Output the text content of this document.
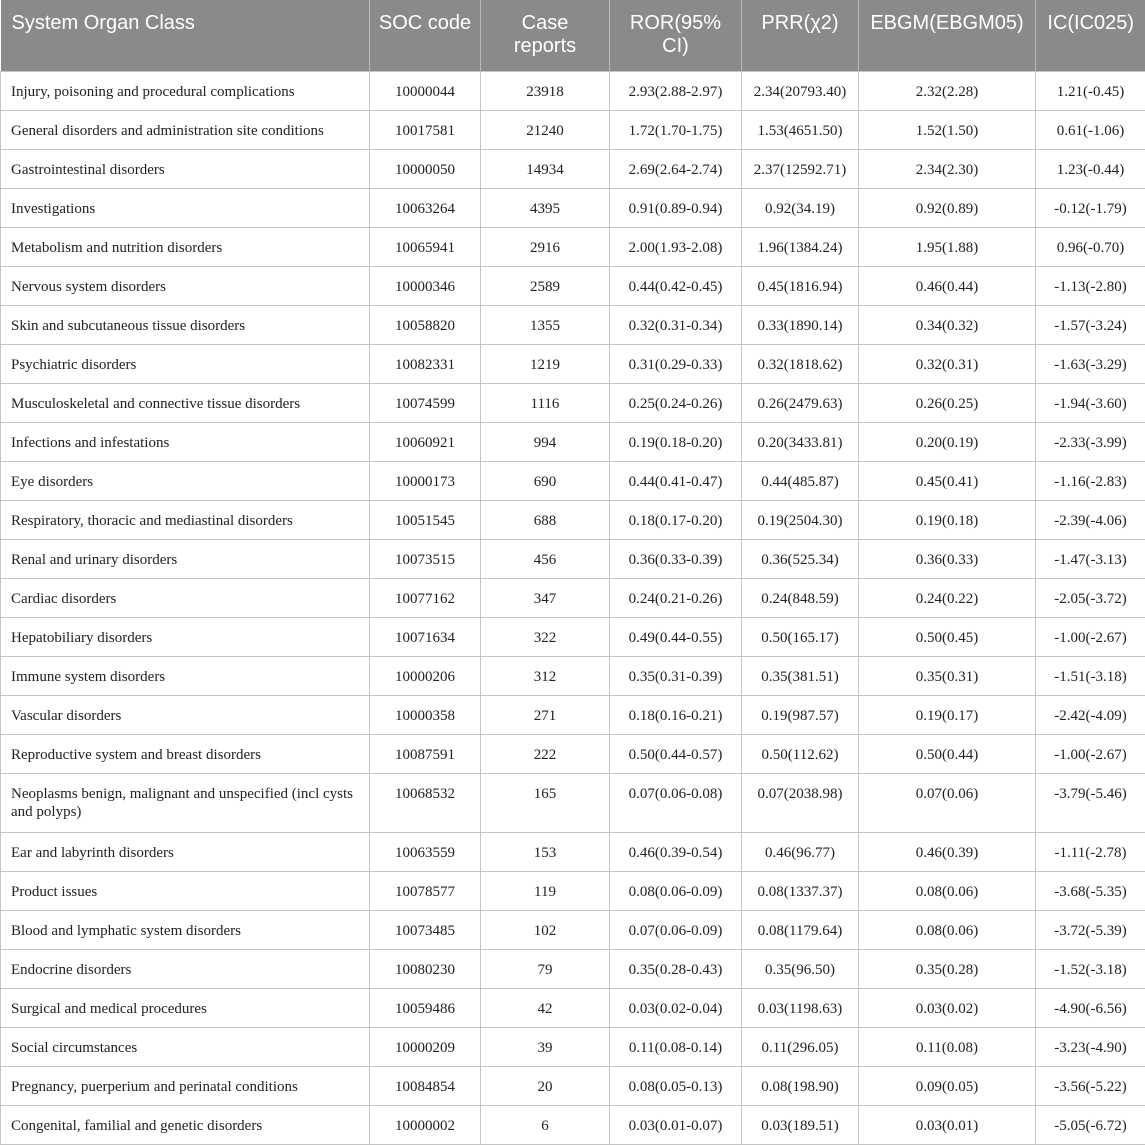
System Organ Class	SOC code	Case reports	ROR(95% CI)	PRR(χ2)	EBGM(EBGM05)	IC(IC025)
Injury, poisoning and procedural complications	10000044	23918	2.93(2.88-2.97)	2.34(20793.40)	2.32(2.28)	1.21(-0.45)
General disorders and administration site conditions	10017581	21240	1.72(1.70-1.75)	1.53(4651.50)	1.52(1.50)	0.61(-1.06)
Gastrointestinal disorders	10000050	14934	2.69(2.64-2.74)	2.37(12592.71)	2.34(2.30)	1.23(-0.44)
Investigations	10063264	4395	0.91(0.89-0.94)	0.92(34.19)	0.92(0.89)	-0.12(-1.79)
Metabolism and nutrition disorders	10065941	2916	2.00(1.93-2.08)	1.96(1384.24)	1.95(1.88)	0.96(-0.70)
Nervous system disorders	10000346	2589	0.44(0.42-0.45)	0.45(1816.94)	0.46(0.44)	-1.13(-2.80)
Skin and subcutaneous tissue disorders	10058820	1355	0.32(0.31-0.34)	0.33(1890.14)	0.34(0.32)	-1.57(-3.24)
Psychiatric disorders	10082331	1219	0.31(0.29-0.33)	0.32(1818.62)	0.32(0.31)	-1.63(-3.29)
Musculoskeletal and connective tissue disorders	10074599	1116	0.25(0.24-0.26)	0.26(2479.63)	0.26(0.25)	-1.94(-3.60)
Infections and infestations	10060921	994	0.19(0.18-0.20)	0.20(3433.81)	0.20(0.19)	-2.33(-3.99)
Eye disorders	10000173	690	0.44(0.41-0.47)	0.44(485.87)	0.45(0.41)	-1.16(-2.83)
Respiratory, thoracic and mediastinal disorders	10051545	688	0.18(0.17-0.20)	0.19(2504.30)	0.19(0.18)	-2.39(-4.06)
Renal and urinary disorders	10073515	456	0.36(0.33-0.39)	0.36(525.34)	0.36(0.33)	-1.47(-3.13)
Cardiac disorders	10077162	347	0.24(0.21-0.26)	0.24(848.59)	0.24(0.22)	-2.05(-3.72)
Hepatobiliary disorders	10071634	322	0.49(0.44-0.55)	0.50(165.17)	0.50(0.45)	-1.00(-2.67)
Immune system disorders	10000206	312	0.35(0.31-0.39)	0.35(381.51)	0.35(0.31)	-1.51(-3.18)
Vascular disorders	10000358	271	0.18(0.16-0.21)	0.19(987.57)	0.19(0.17)	-2.42(-4.09)
Reproductive system and breast disorders	10087591	222	0.50(0.44-0.57)	0.50(112.62)	0.50(0.44)	-1.00(-2.67)
Neoplasms benign, malignant and unspecified (incl cysts and polyps)	10068532	165	0.07(0.06-0.08)	0.07(2038.98)	0.07(0.06)	-3.79(-5.46)
Ear and labyrinth disorders	10063559	153	0.46(0.39-0.54)	0.46(96.77)	0.46(0.39)	-1.11(-2.78)
Product issues	10078577	119	0.08(0.06-0.09)	0.08(1337.37)	0.08(0.06)	-3.68(-5.35)
Blood and lymphatic system disorders	10073485	102	0.07(0.06-0.09)	0.08(1179.64)	0.08(0.06)	-3.72(-5.39)
Endocrine disorders	10080230	79	0.35(0.28-0.43)	0.35(96.50)	0.35(0.28)	-1.52(-3.18)
Surgical and medical procedures	10059486	42	0.03(0.02-0.04)	0.03(1198.63)	0.03(0.02)	-4.90(-6.56)
Social circumstances	10000209	39	0.11(0.08-0.14)	0.11(296.05)	0.11(0.08)	-3.23(-4.90)
Pregnancy, puerperium and perinatal conditions	10084854	20	0.08(0.05-0.13)	0.08(198.90)	0.09(0.05)	-3.56(-5.22)
Congenital, familial and genetic disorders	10000002	6	0.03(0.01-0.07)	0.03(189.51)	0.03(0.01)	-5.05(-6.72)
